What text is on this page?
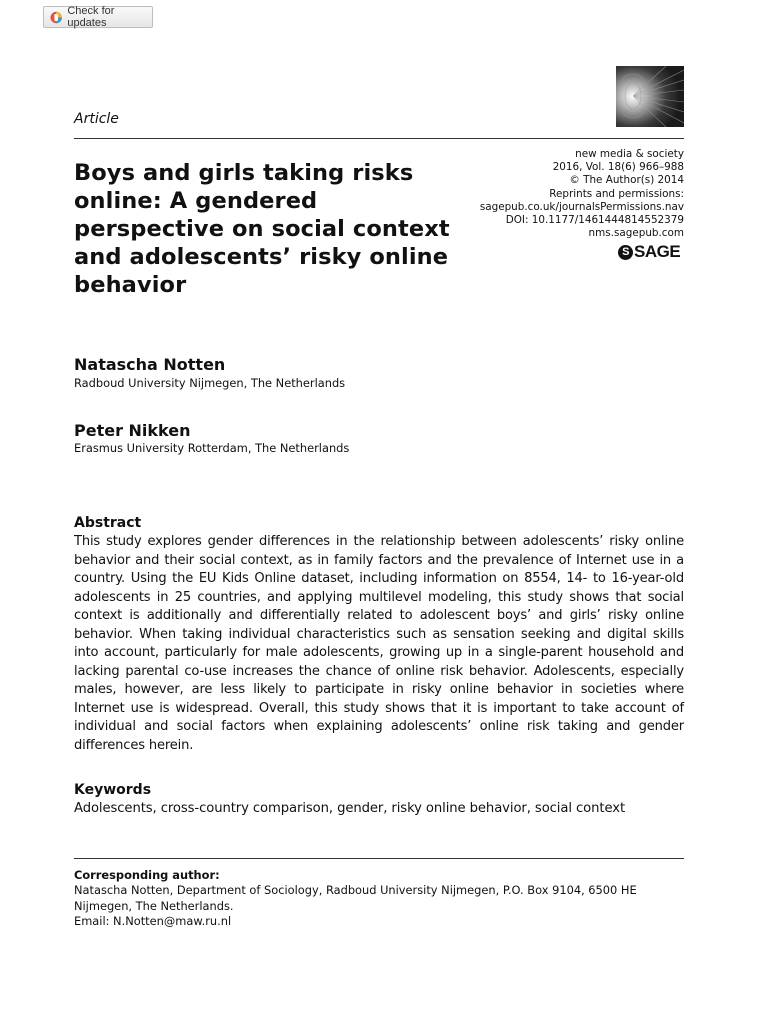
Check for updates
Article
Boys and girls taking risks online: A gendered perspective on social context and adolescents’ risky online behavior
new media & society
2016, Vol. 18(6) 966–988
© The Author(s) 2014
Reprints and permissions:
sagepub.co.uk/journalsPermissions.nav
DOI: 10.1177/1461444814552379
nms.sagepub.com
S SAGE
Natascha Notten
Radboud University Nijmegen, The Netherlands
Peter Nikken
Erasmus University Rotterdam, The Netherlands
Abstract

This study explores gender differences in the relationship between adolescents’ risky online behavior and their social context, as in family factors and the prevalence of Internet use in a country. Using the EU Kids Online dataset, including information on 8554, 14- to 16-year-old adolescents in 25 countries, and applying multilevel modeling, this study shows that social context is additionally and differentially related to adolescent boys’ and girls’ risky online behavior. When taking individual characteristics such as sensation seeking and digital skills into account, particularly for male adolescents, growing up in a single-parent household and lacking parental co-use increases the chance of online risk behavior. Adolescents, especially males, however, are less likely to participate in risky online behavior in societies where Internet use is widespread. Overall, this study shows that it is important to take account of individual and social factors when explaining adolescents’ online risk taking and gender differences herein.

Keywords

Adolescents, cross-country comparison, gender, risky online behavior, social context

Corresponding author:
Natascha Notten, Department of Sociology, Radboud University Nijmegen, P.O. Box 9104, 6500 HE Nijmegen, The Netherlands.
Email: N.Notten@maw.ru.nl
